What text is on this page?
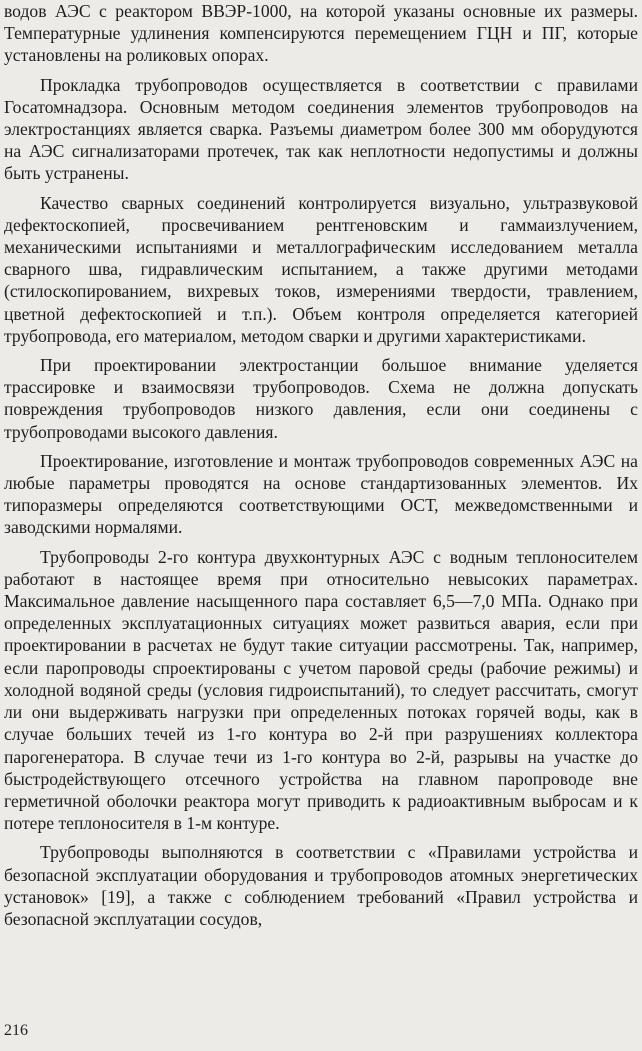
водов АЭС с реактором ВВЭР-1000, на которой указаны основные их размеры. Температурные удлинения компенсируются перемещением ГЦН и ПГ, которые установлены на роликовых опорах.

Прокладка трубопроводов осуществляется в соответствии с правилами Госатомнадзора. Основным методом соединения элементов трубопроводов на электростанциях является сварка. Разъемы диаметром более 300 мм оборудуются на АЭС сигнализаторами протечек, так как неплотности недопустимы и должны быть устранены.

Качество сварных соединений контролируется визуально, ультразвуковой дефектоскопией, просвечиванием рентгеновским и гаммаизлучением, механическими испытаниями и металлографическим исследованием металла сварного шва, гидравлическим испытанием, а также другими методами (стилоскопированием, вихревых токов, измерениями твердости, травлением, цветной дефектоскопией и т.п.). Объем контроля определяется категорией трубопровода, его материалом, методом сварки и другими характеристиками.

При проектировании электростанции большое внимание уделяется трассировке и взаимосвязи трубопроводов. Схема не должна допускать повреждения трубопроводов низкого давления, если они соединены с трубопроводами высокого давления.

Проектирование, изготовление и монтаж трубопроводов современных АЭС на любые параметры проводятся на основе стандартизованных элементов. Их типоразмеры определяются соответствующими ОСТ, межведомственными и заводскими нормалями.

Трубопроводы 2-го контура двухконтурных АЭС с водным теплоносителем работают в настоящее время при относительно невысоких параметрах. Максимальное давление насыщенного пара составляет 6,5—7,0 МПа. Однако при определенных эксплуатационных ситуациях может развиться авария, если при проектировании в расчетах не будут такие ситуации рассмотрены. Так, например, если паропроводы спроектированы с учетом паровой среды (рабочие режимы) и холодной водяной среды (условия гидроиспытаний), то следует рассчитать, смогут ли они выдерживать нагрузки при определенных потоках горячей воды, как в случае больших течей из 1-го контура во 2-й при разрушениях коллектора парогенератора. В случае течи из 1-го контура во 2-й, разрывы на участке до быстродействующего отсечного устройства на главном паропроводе вне герметичной оболочки реактора могут приводить к радиоактивным выбросам и к потере теплоносителя в 1-м контуре.

Трубопроводы выполняются в соответствии с «Правилами устройства и безопасной эксплуатации оборудования и трубопроводов атомных энергетических установок» [19], а также с соблюдением требований «Правил устройства и безопасной эксплуатации сосудов,

216
